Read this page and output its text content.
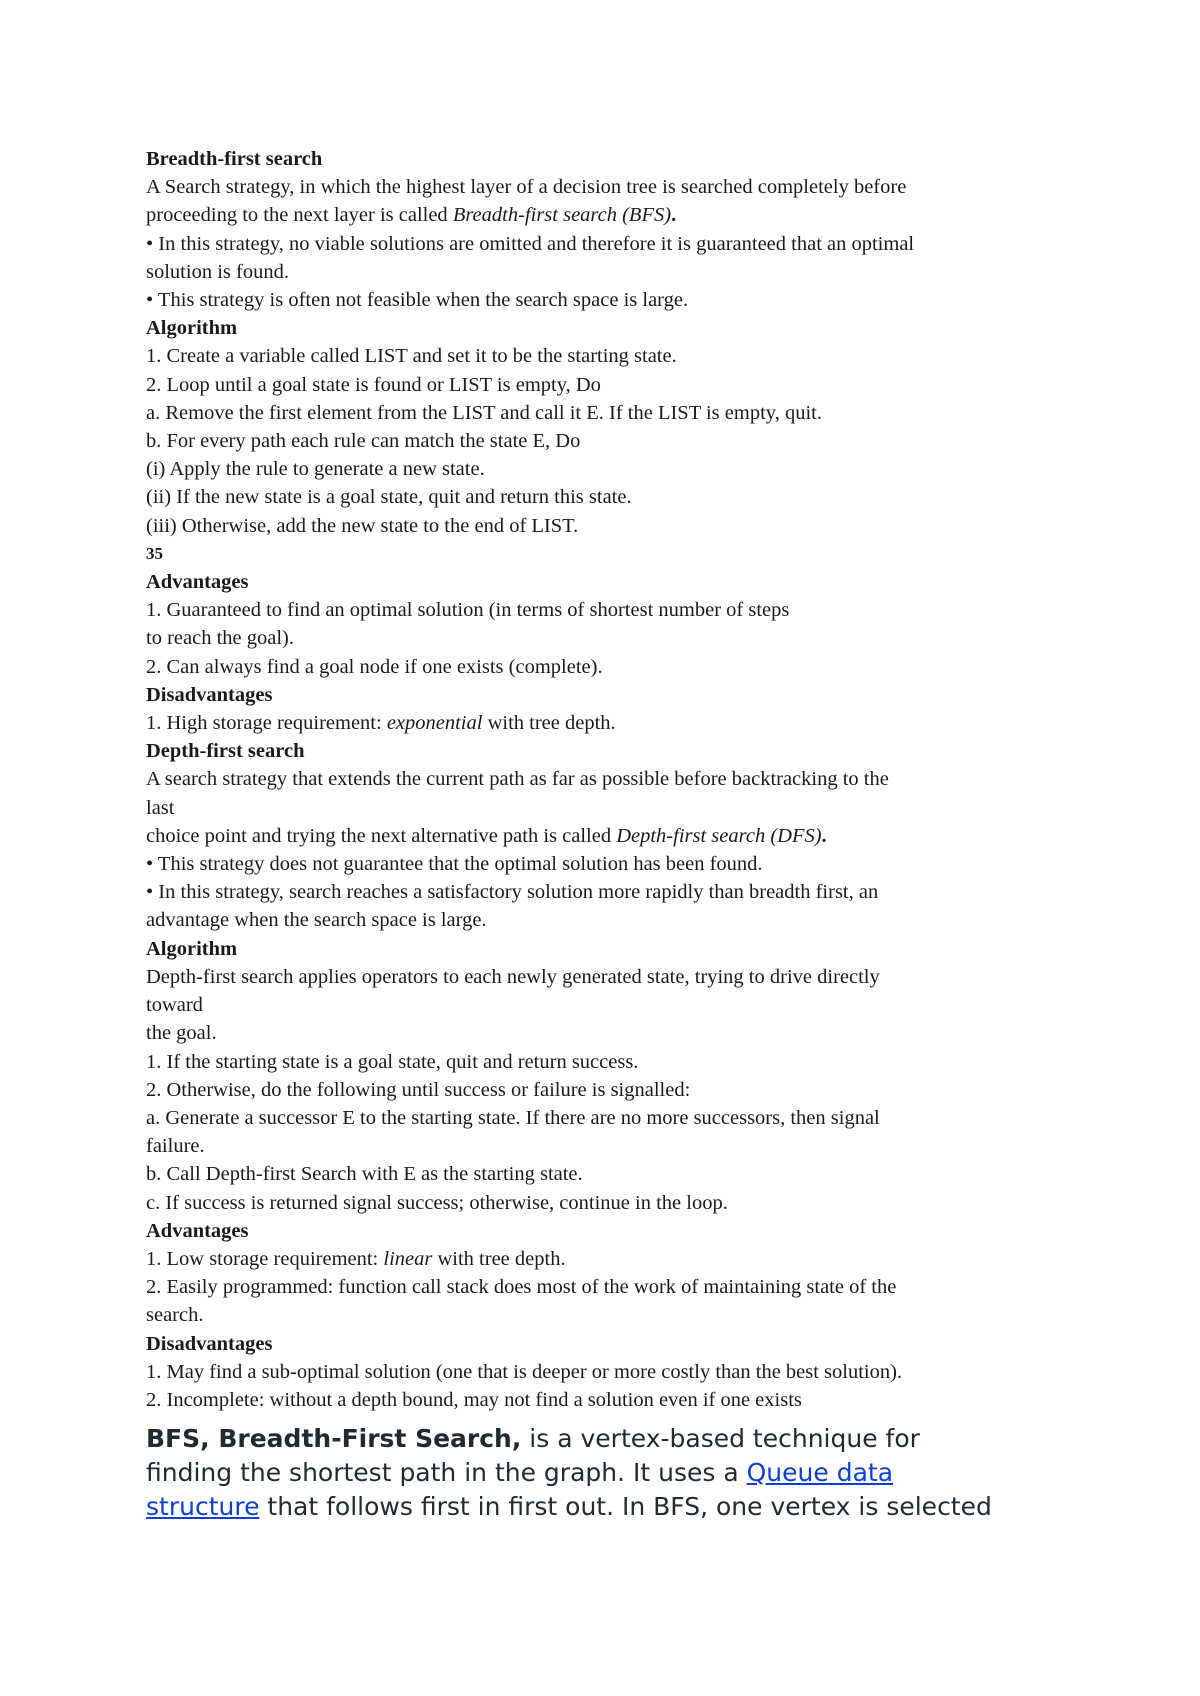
Breadth-first search
A Search strategy, in which the highest layer of a decision tree is searched completely before
proceeding to the next layer is called Breadth-first search (BFS).
• In this strategy, no viable solutions are omitted and therefore it is guaranteed that an optimal
solution is found.
• This strategy is often not feasible when the search space is large.
Algorithm
1. Create a variable called LIST and set it to be the starting state.
2. Loop until a goal state is found or LIST is empty, Do
a. Remove the first element from the LIST and call it E. If the LIST is empty, quit.
b. For every path each rule can match the state E, Do
(i) Apply the rule to generate a new state.
(ii) If the new state is a goal state, quit and return this state.
(iii) Otherwise, add the new state to the end of LIST.
35
Advantages
1. Guaranteed to find an optimal solution (in terms of shortest number of steps
to reach the goal).
2. Can always find a goal node if one exists (complete).
Disadvantages
1. High storage requirement: exponential with tree depth.
Depth-first search
A search strategy that extends the current path as far as possible before backtracking to the
last
choice point and trying the next alternative path is called Depth-first search (DFS).
• This strategy does not guarantee that the optimal solution has been found.
• In this strategy, search reaches a satisfactory solution more rapidly than breadth first, an
advantage when the search space is large.
Algorithm
Depth-first search applies operators to each newly generated state, trying to drive directly
toward
the goal.
1. If the starting state is a goal state, quit and return success.
2. Otherwise, do the following until success or failure is signalled:
a. Generate a successor E to the starting state. If there are no more successors, then signal
failure.
b. Call Depth-first Search with E as the starting state.
c. If success is returned signal success; otherwise, continue in the loop.
Advantages
1. Low storage requirement: linear with tree depth.
2. Easily programmed: function call stack does most of the work of maintaining state of the
search.
Disadvantages
1. May find a sub-optimal solution (one that is deeper or more costly than the best solution).
2. Incomplete: without a depth bound, may not find a solution even if one exists
BFS, Breadth-First Search, is a vertex-based technique for
finding the shortest path in the graph. It uses a Queue data
structure that follows first in first out. In BFS, one vertex is selected
